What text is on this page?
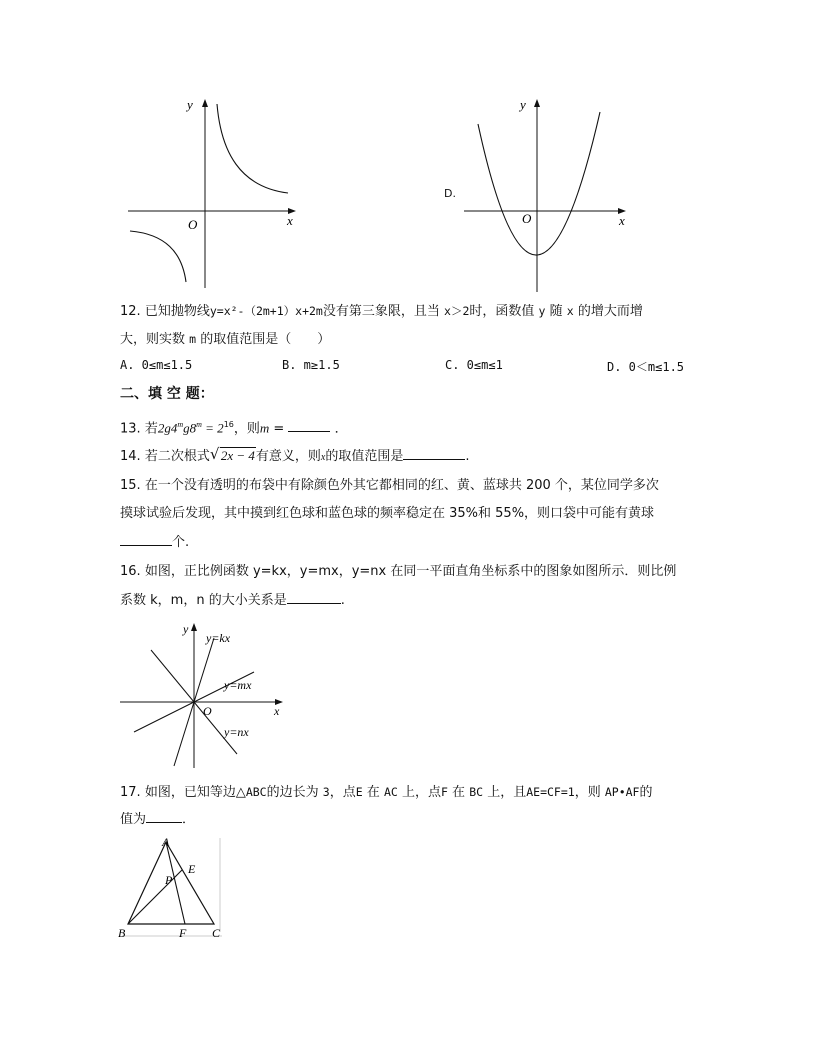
y
x
O
D.
y
x
O
12. 已知抛物线y=x²-（2m+1）x+2m没有第三象限，且当 x＞2时，函数值 y 随 x 的增大而增
大，则实数 m 的取值范围是（　　）
A. 0≤m≤1.5	B. m≥1.5	C. 0≤m≤1	D. 0＜m≤1.5
二、填 空 题：
13. 若$2g4^mg8^m = 2^{16}$，则m =	．
14. 若二次根式 √ 2x − 4有意义，则x的取值范围是	.
15. 在一个没有透明的布袋中有除颜色外其它都相同的红、黄、蓝球共 200 个，某位同学多次
摸球试验后发现，其中摸到红色球和蓝色球的频率稳定在 35%和 55%，则口袋中可能有黄球
个.
16. 如图，正比例函数 y=kx，y=mx，y=nx 在同一平面直角坐标系中的图象如图所示．则比例
系数 k，m，n 的大小关系是	.
y
x
O
y=kx
y=mx
y=nx
17. 如图，已知等边△ABC的边长为 3，点E 在 AC 上，点F 在 BC 上，且AE=CF=1，则 AP•AF的
值为	．
A
B	C
E
F
P
